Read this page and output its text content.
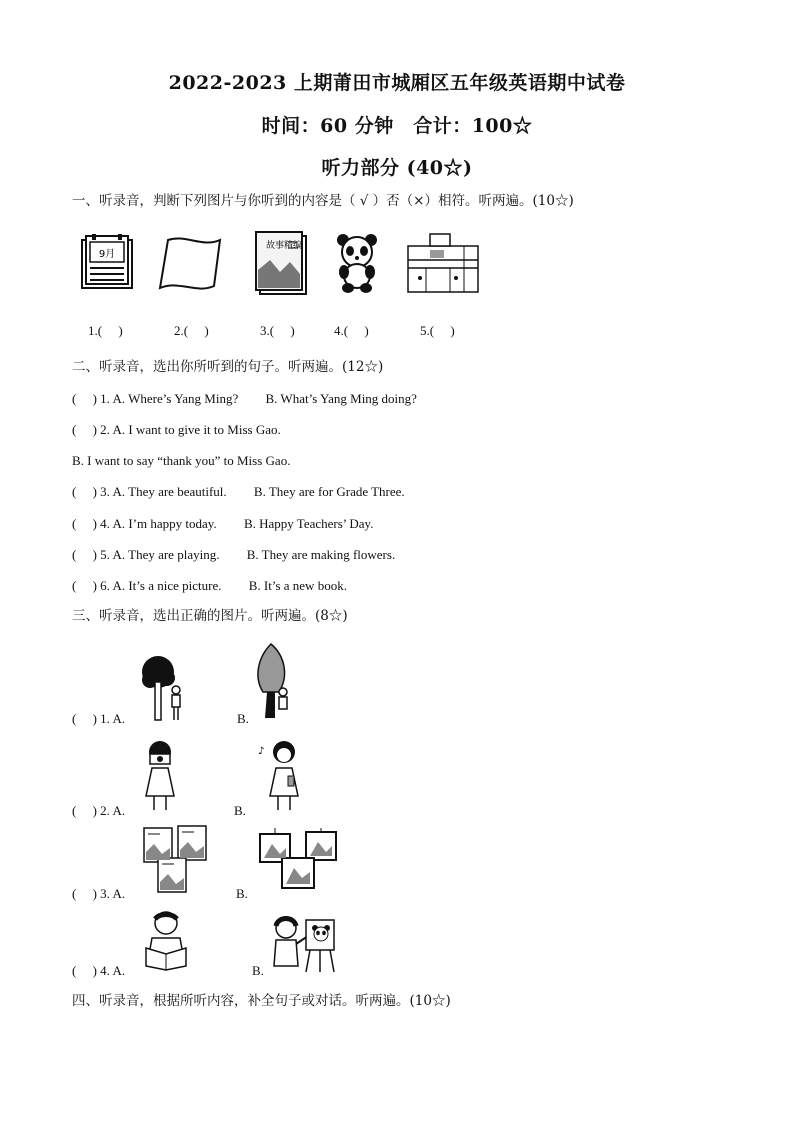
2022-2023 上期莆田市城厢区五年级英语期中试卷
时间：60 分钟　合计：100☆
听力部分 (40☆)
一、听录音，判断下列图片与你听到的内容是（ √ ）否（×）相符。听两遍。(10☆)
9月
故事精编
1.(　 )	2.(　 )	3.(　 )	4.(　 )	5.(　 )
二、听录音，选出你所听到的句子。听两遍。(12☆)
(　 ) 1. A. Where’s Yang Ming? B. What’s Yang Ming doing?
(　 ) 2. A. I want to give it to Miss Gao.
B. I want to say “thank you” to Miss Gao.
(　 ) 3. A. They are beautiful. B. They are for Grade Three.
(　 ) 4. A. I’m happy today. B. Happy Teachers’ Day.
(　 ) 5. A. They are playing. B. They are making flowers.
(　 ) 6. A. It’s a nice picture. B. It’s a new book.
三、听录音，选出正确的图片。听两遍。(8☆)
(　 ) 1. A.	B.
(　 ) 2. A.	B.
♪
(　 ) 3. A.	B.
(　 ) 4. A.	B.
四、听录音，根据所听内容，补全句子或对话。听两遍。(10☆)
